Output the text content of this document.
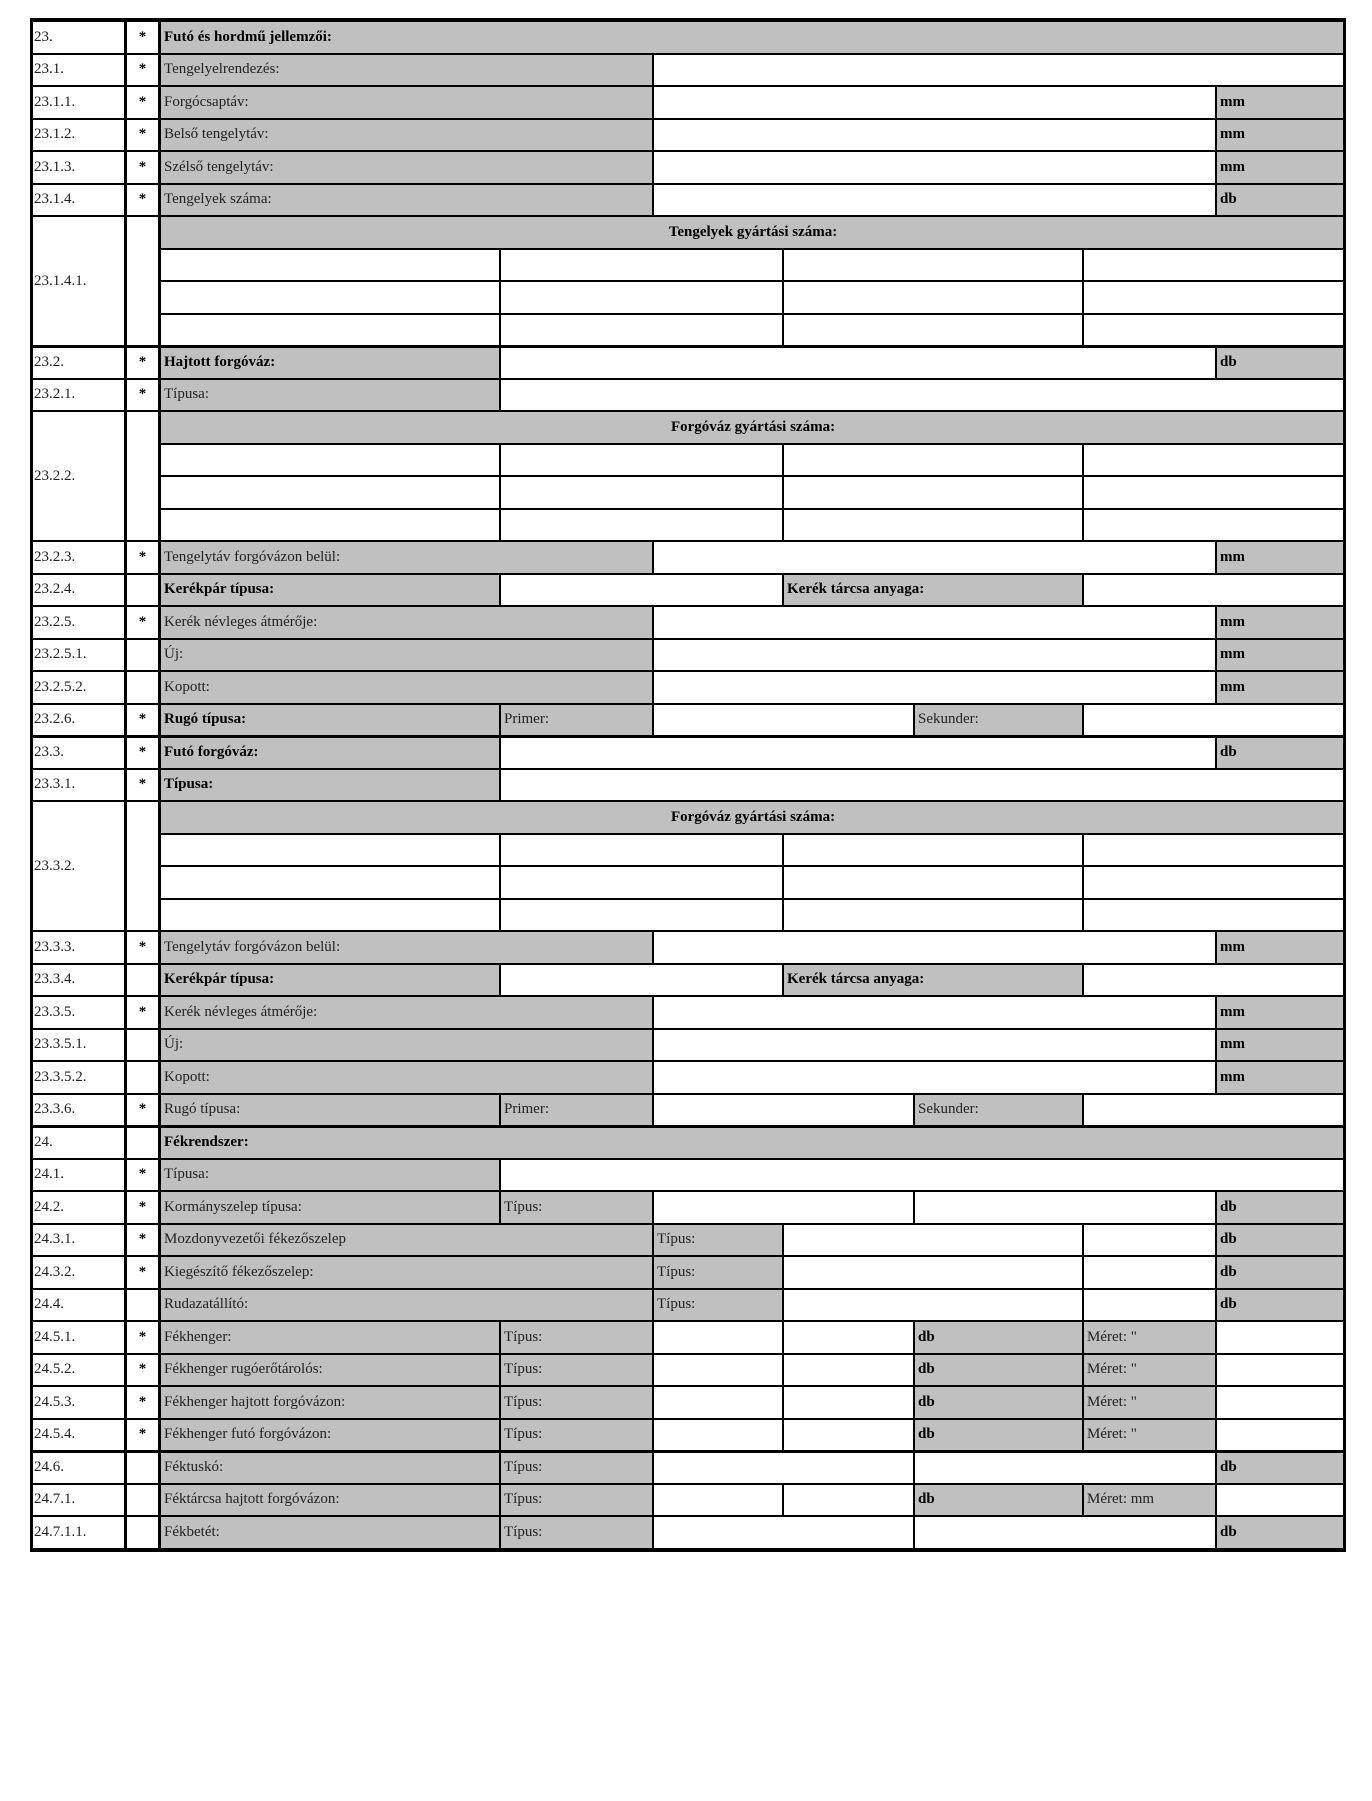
23.	*	Futó és hordmű jellemzői:
23.1.	*	Tengelyelrendezés:
23.1.1.	*	Forgócsaptáv:	mm
23.1.2.	*	Belső tengelytáv:	mm
23.1.3.	*	Szélső tengelytáv:	mm
23.1.4.	*	Tengelyek száma:	db
23.1.4.1.
Tengelyek gyártási száma:
23.2.	*	Hajtott forgóváz:	db
23.2.1.	*	Típusa:
23.2.2.
Forgóváz gyártási száma:
23.2.3.	*	Tengelytáv forgóvázon belül:	mm
23.2.4.	Kerékpár típusa:	Kerék tárcsa anyaga:
23.2.5.	*	Kerék névleges átmérője:	mm
23.2.5.1.	Új:	mm
23.2.5.2.	Kopott:	mm
23.2.6.	*	Rugó típusa:	Primer:	Sekunder:
23.3.	*	Futó forgóváz:	db
23.3.1.	*	Típusa:
23.3.2.
Forgóváz gyártási száma:
23.3.3.	*	Tengelytáv forgóvázon belül:	mm
23.3.4.	Kerékpár típusa:	Kerék tárcsa anyaga:
23.3.5.	*	Kerék névleges átmérője:	mm
23.3.5.1.	Új:	mm
23.3.5.2.	Kopott:	mm
23.3.6.	*	Rugó típusa:	Primer:	Sekunder:
24.	Fékrendszer:
24.1.	*	Típusa:
24.2.	*	Kormányszelep típusa:	Típus:	db
24.3.1.	*	Mozdonyvezetői fékezőszelep	Típus:	db
24.3.2.	*	Kiegészítő fékezőszelep:	Típus:	db
24.4.	Rudazatállító:	Típus:	db
24.5.1.	*	Fékhenger:	Típus:	db	Méret: "
24.5.2.	*	Fékhenger rugóerőtárolós:	Típus:	db	Méret: "
24.5.3.	*	Fékhenger hajtott forgóvázon:	Típus:	db	Méret: "
24.5.4.	*	Fékhenger futó forgóvázon:	Típus:	db	Méret: "
24.6.	Féktuskó:	Típus:	db
24.7.1.	Féktárcsa hajtott forgóvázon:	Típus:	db	Méret: mm
24.7.1.1.	Fékbetét:	Típus:	db
